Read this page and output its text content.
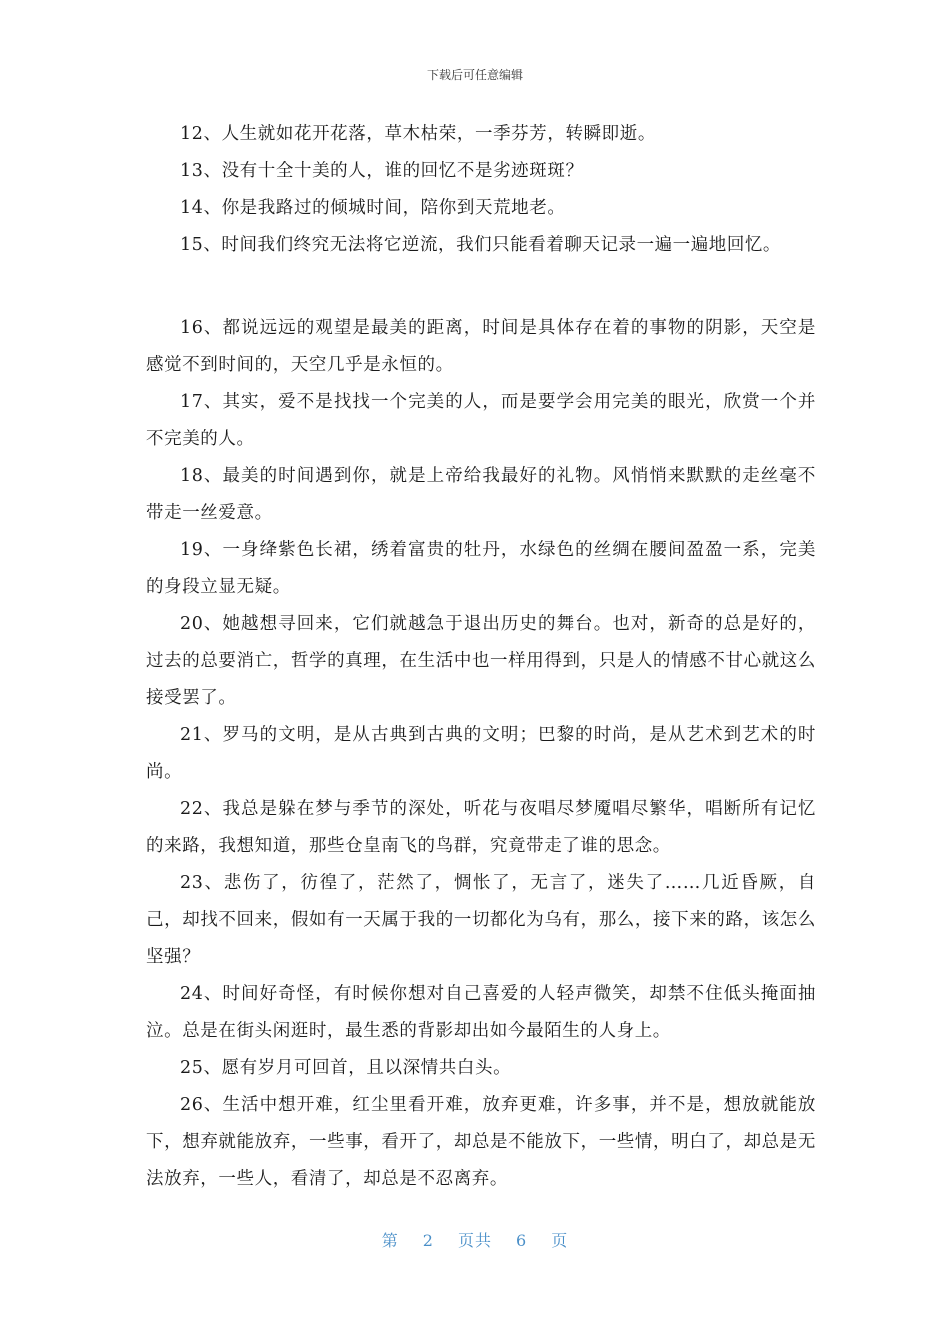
下载后可任意编辑

12、人生就如花开花落，草木枯荣，一季芬芳，转瞬即逝。

13、没有十全十美的人，谁的回忆不是劣迹斑斑？

14、你是我路过的倾城时间，陪你到天荒地老。

15、时间我们终究无法将它逆流，我们只能看着聊天记录一遍一遍地回忆。

16、都说远远的观望是最美的距离，时间是具体存在着的事物的阴影，天空是感觉不到时间的，天空几乎是永恒的。

17、其实，爱不是找找一个完美的人，而是要学会用完美的眼光，欣赏一个并不完美的人。

18、最美的时间遇到你，就是上帝给我最好的礼物。风悄悄来默默的走丝毫不带走一丝爱意。

19、一身绛紫色长裙，绣着富贵的牡丹，水绿色的丝绸在腰间盈盈一系，完美的身段立显无疑。

20、她越想寻回来，它们就越急于退出历史的舞台。也对，新奇的总是好的，过去的总要消亡，哲学的真理，在生活中也一样用得到，只是人的情感不甘心就这么接受罢了。

21、罗马的文明，是从古典到古典的文明；巴黎的时尚，是从艺术到艺术的时尚。

22、我总是躲在梦与季节的深处，听花与夜唱尽梦魇唱尽繁华，唱断所有记忆的来路，我想知道，那些仓皇南飞的鸟群，究竟带走了谁的思念。

23、悲伤了，彷徨了，茫然了，惆怅了，无言了，迷失了……几近昏厥，自己，却找不回来，假如有一天属于我的一切都化为乌有，那么，接下来的路，该怎么坚强？

24、时间好奇怪，有时候你想对自己喜爱的人轻声微笑，却禁不住低头掩面抽泣。总是在街头闲逛时，最生悉的背影却出如今最陌生的人身上。

25、愿有岁月可回首，且以深情共白头。

26、生活中想开难，红尘里看开难，放弃更难，许多事，并不是，想放就能放下，想弃就能放弃，一些事，看开了，却总是不能放下，一些情，明白了，却总是无法放弃，一些人，看清了，却总是不忍离弃。

第 2 页共 6 页
